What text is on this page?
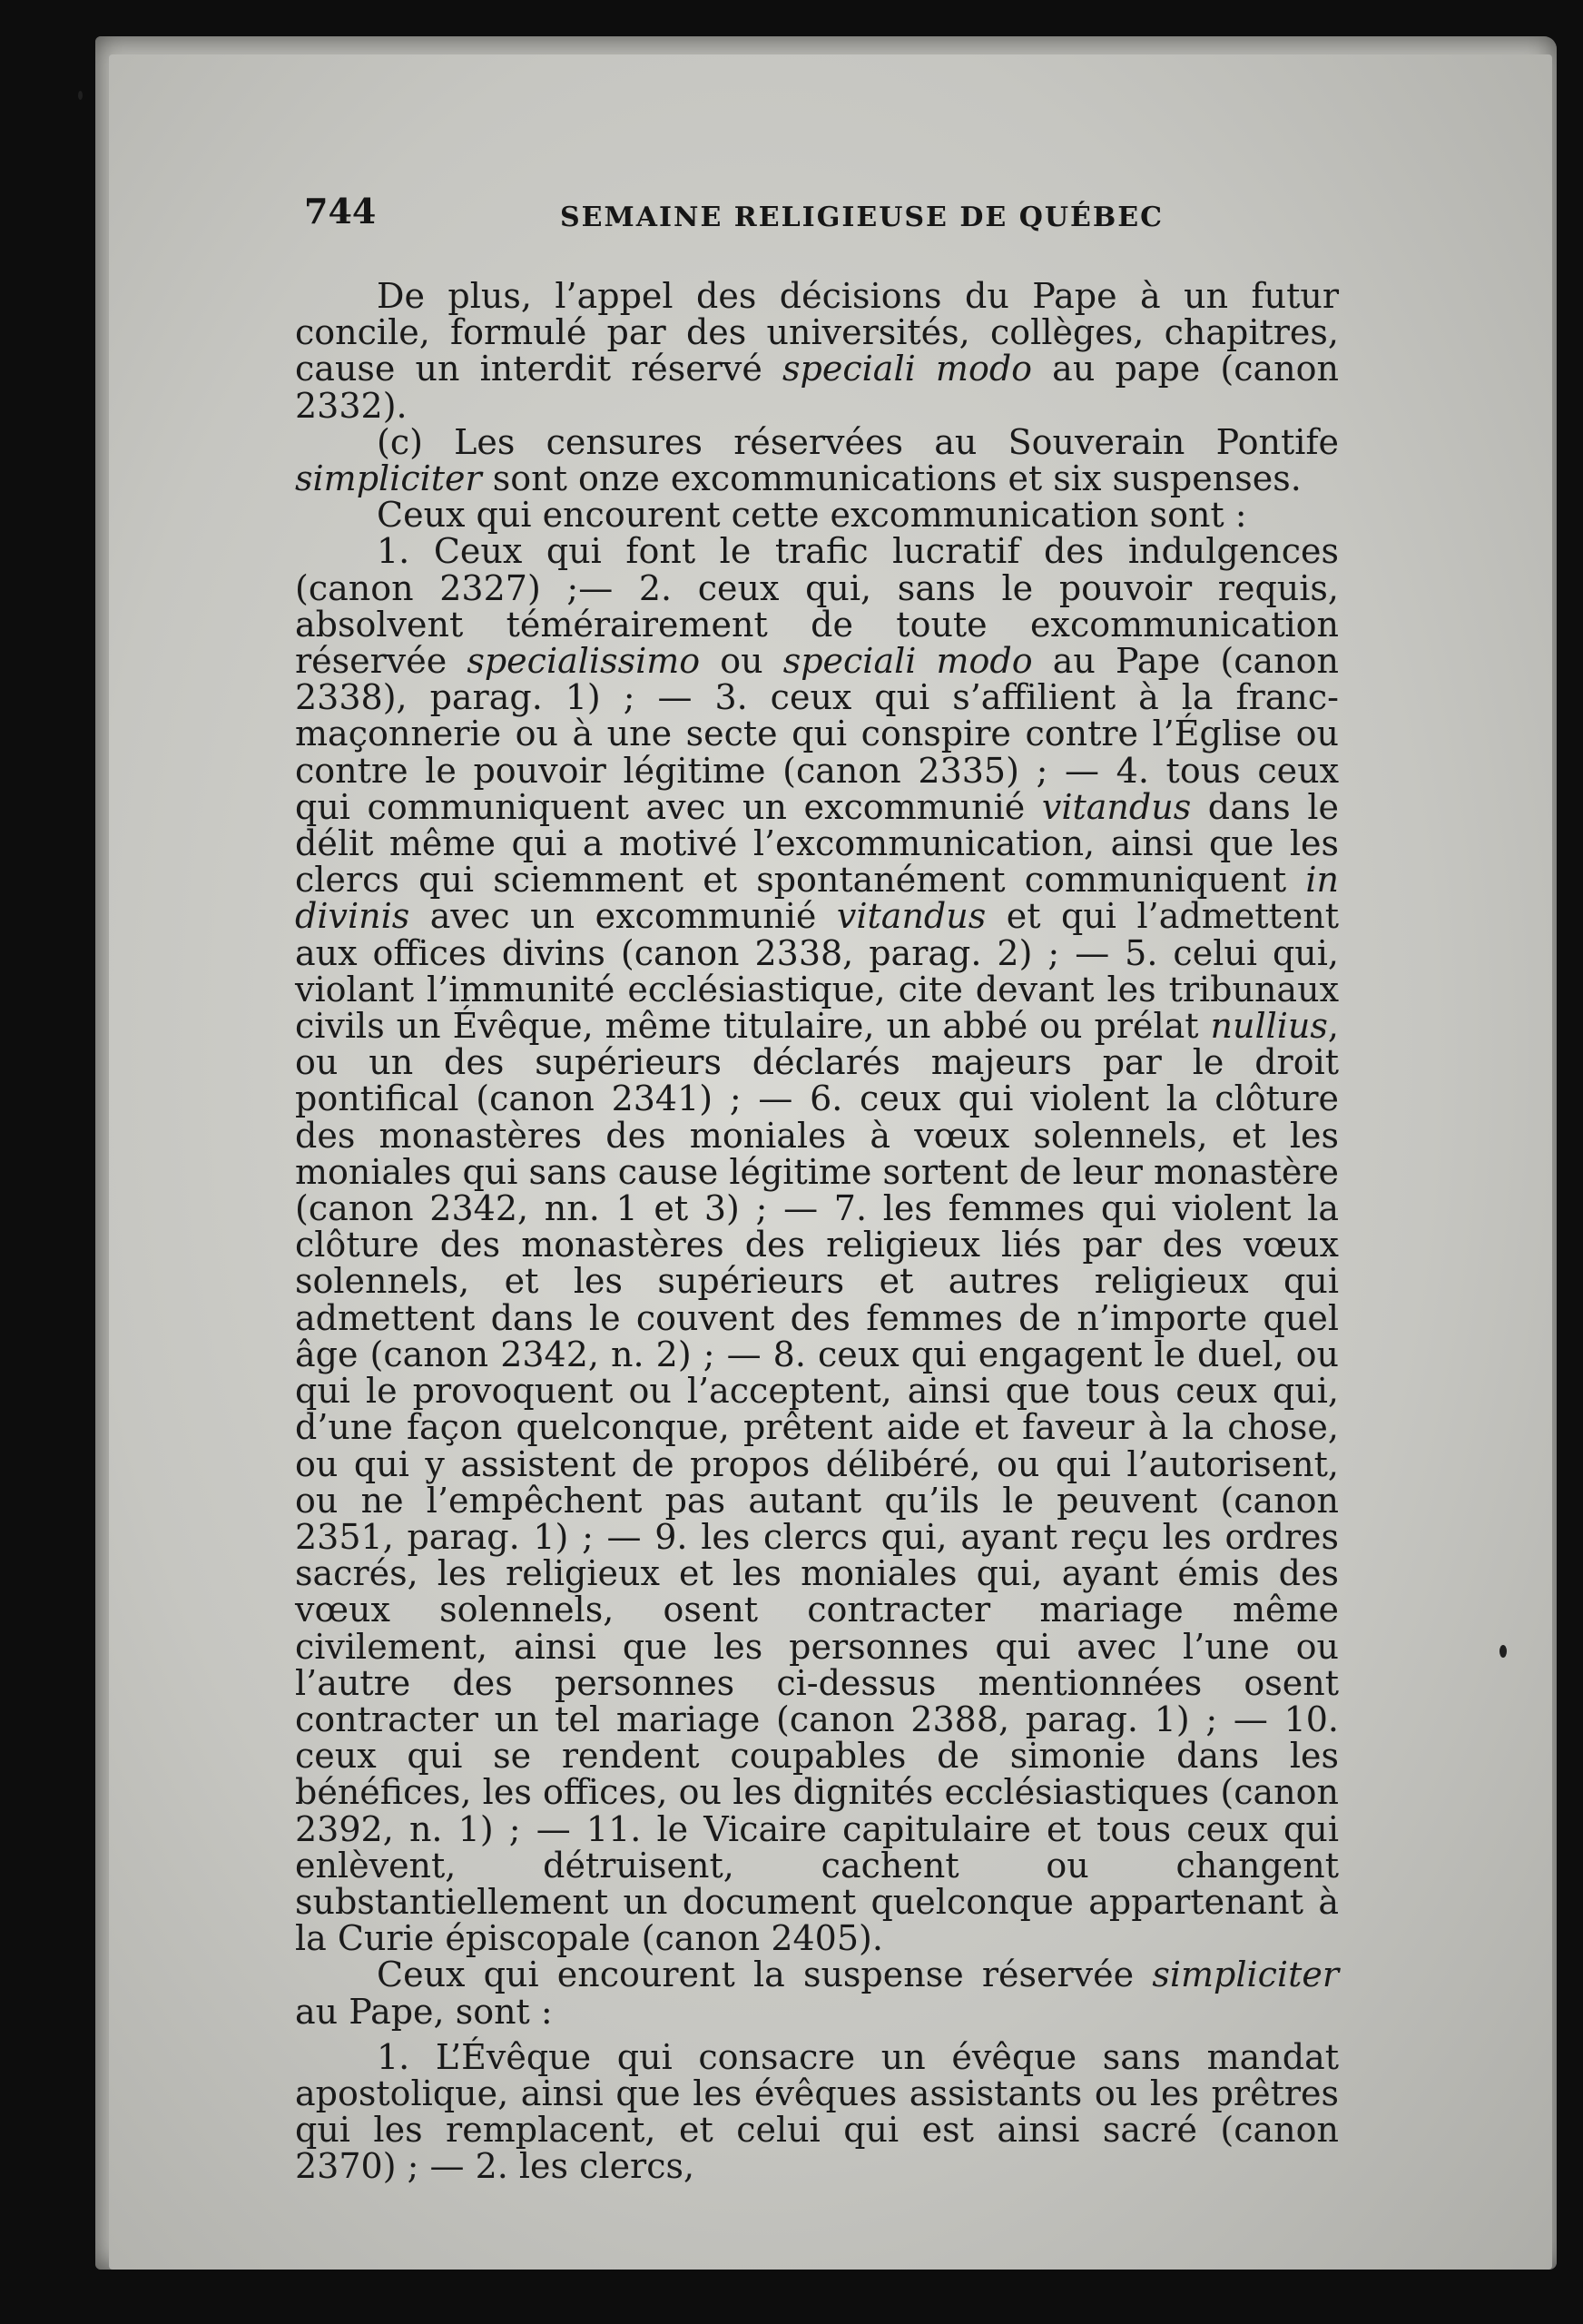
744	SEMAINE RELIGIEUSE DE QUÉBEC

De plus, l’appel des décisions du Pape à un futur concile, formulé par des universités, collèges, chapitres, cause un interdit réservé speciali modo au pape (canon 2332).

(c) Les censures réservées au Souverain Pontife simpliciter sont onze excommunications et six suspenses.

Ceux qui encourent cette excommunication sont :

1. Ceux qui font le trafic lucratif des indulgences (canon 2327) ;— 2. ceux qui, sans le pouvoir requis, absolvent témérairement de toute excommunication réservée specialissimo ou speciali modo au Pape (canon 2338), parag. 1) ; — 3. ceux qui s’affilient à la franc-maçonnerie ou à une secte qui conspire contre l’Église ou contre le pouvoir légitime (canon 2335) ; — 4. tous ceux qui communiquent avec un excommunié vitandus dans le délit même qui a motivé l’excommunication, ainsi que les clercs qui sciemment et spontanément communiquent in divinis avec un excommunié vitandus et qui l’admettent aux offices divins (canon 2338, parag. 2) ; — 5. celui qui, violant l’immunité ecclésiastique, cite devant les tribunaux civils un Évêque, même titulaire, un abbé ou prélat nullius, ou un des supérieurs déclarés majeurs par le droit pontifical (canon 2341) ; — 6. ceux qui violent la clôture des monastères des moniales à vœux solennels, et les moniales qui sans cause légitime sortent de leur monastère (canon 2342, nn. 1 et 3) ; — 7. les femmes qui violent la clôture des monastères des religieux liés par des vœux solennels, et les supérieurs et autres religieux qui admettent dans le couvent des femmes de n’importe quel âge (canon 2342, n. 2) ; — 8. ceux qui engagent le duel, ou qui le provoquent ou l’acceptent, ainsi que tous ceux qui, d’une façon quelconque, prêtent aide et faveur à la chose, ou qui y assistent de propos délibéré, ou qui l’autorisent, ou ne l’empêchent pas autant qu’ils le peuvent (canon 2351, parag. 1) ; — 9. les clercs qui, ayant reçu les ordres sacrés, les religieux et les moniales qui, ayant émis des vœux solennels, osent contracter mariage même civilement, ainsi que les personnes qui avec l’une ou l’autre des personnes ci-dessus mentionnées osent contracter un tel mariage (canon 2388, parag. 1) ; — 10. ceux qui se rendent coupables de simonie dans les bénéfices, les offices, ou les dignités ecclésiastiques (canon 2392, n. 1) ; — 11. le Vicaire capitulaire et tous ceux qui enlèvent, détruisent, cachent ou changent substantiellement un document quelconque appartenant à la Curie épiscopale (canon 2405).

Ceux qui encourent la suspense réservée simpliciter au Pape, sont :

1. L’Évêque qui consacre un évêque sans mandat apostolique, ainsi que les évêques assistants ou les prêtres qui les remplacent, et celui qui est ainsi sacré (canon 2370) ; — 2. les clercs,
